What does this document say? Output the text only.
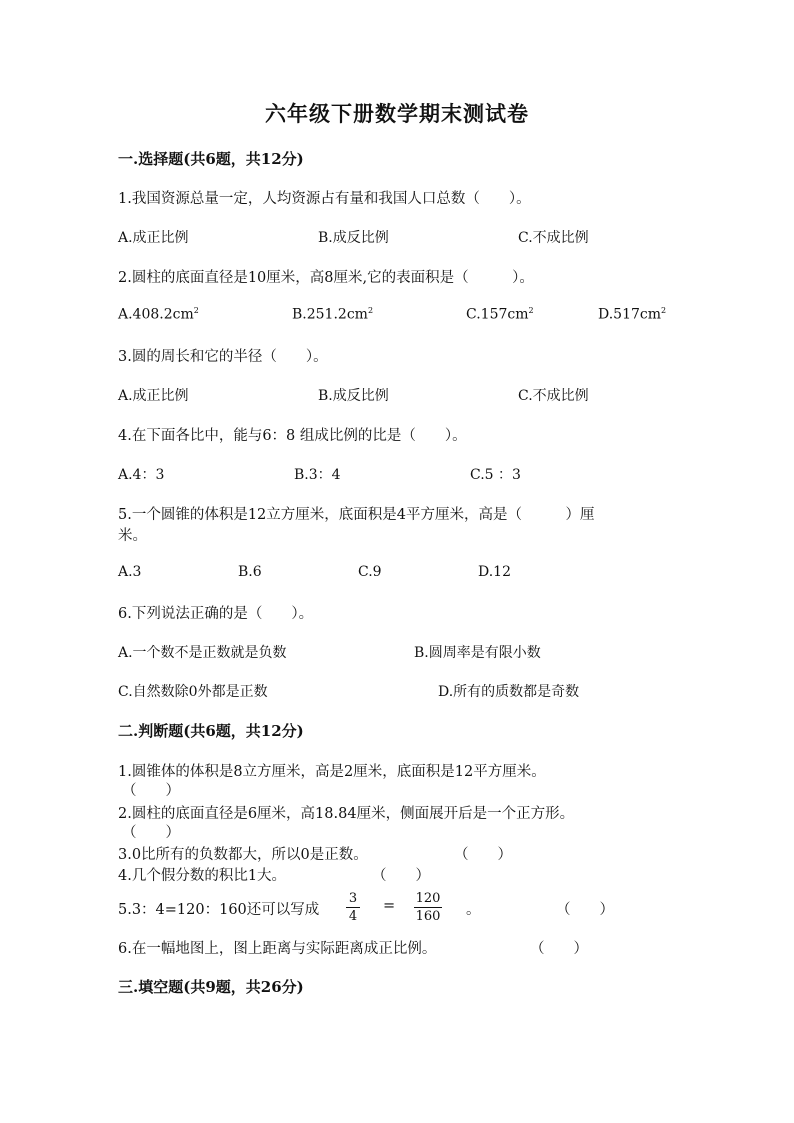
六年级下册数学期末测试卷
一.选择题(共6题，共12分)
1.我国资源总量一定，人均资源占有量和我国人口总数（　　）。
A.成正比例	B.成反比例	C.不成比例
2.圆柱的底面直径是10厘米，高8厘米,它的表面积是（　　　）。
$A.408.2cm^2$	$B.251.2cm^2$	$C.157cm^2$	$D.517cm^2$
3.圆的周长和它的半径（　　）。
A.成正比例	B.成反比例	C.不成比例
4.在下面各比中，能与6：8 组成比例的比是（　　）。
A.4：3	B.3：4	C.5 ：3
5.一个圆锥的体积是12立方厘米，底面积是4平方厘米，高是（　　　）厘
米。
A.3	B.6	C.9	D.12
6.下列说法正确的是（　　）。
A.一个数不是正数就是负数	B.圆周率是有限小数
C.自然数除0外都是正数	D.所有的质数都是奇数
二.判断题(共6题，共12分)
1.圆锥体的体积是8立方厘米，高是2厘米，底面积是12平方厘米。
（　　）
2.圆柱的底面直径是6厘米，高18.84厘米，侧面展开后是一个正方形。
（　　）
3.0比所有的负数都大，所以0是正数。	（　　）
4.几个假分数的积比1大。	（　　）
5.3：4=120：160还可以写成 $\frac{3}{4} = \frac{120}{160}$ 。	（　　）
6.在一幅地图上，图上距离与实际距离成正比例。	（　　）
三.填空题(共9题，共26分)
